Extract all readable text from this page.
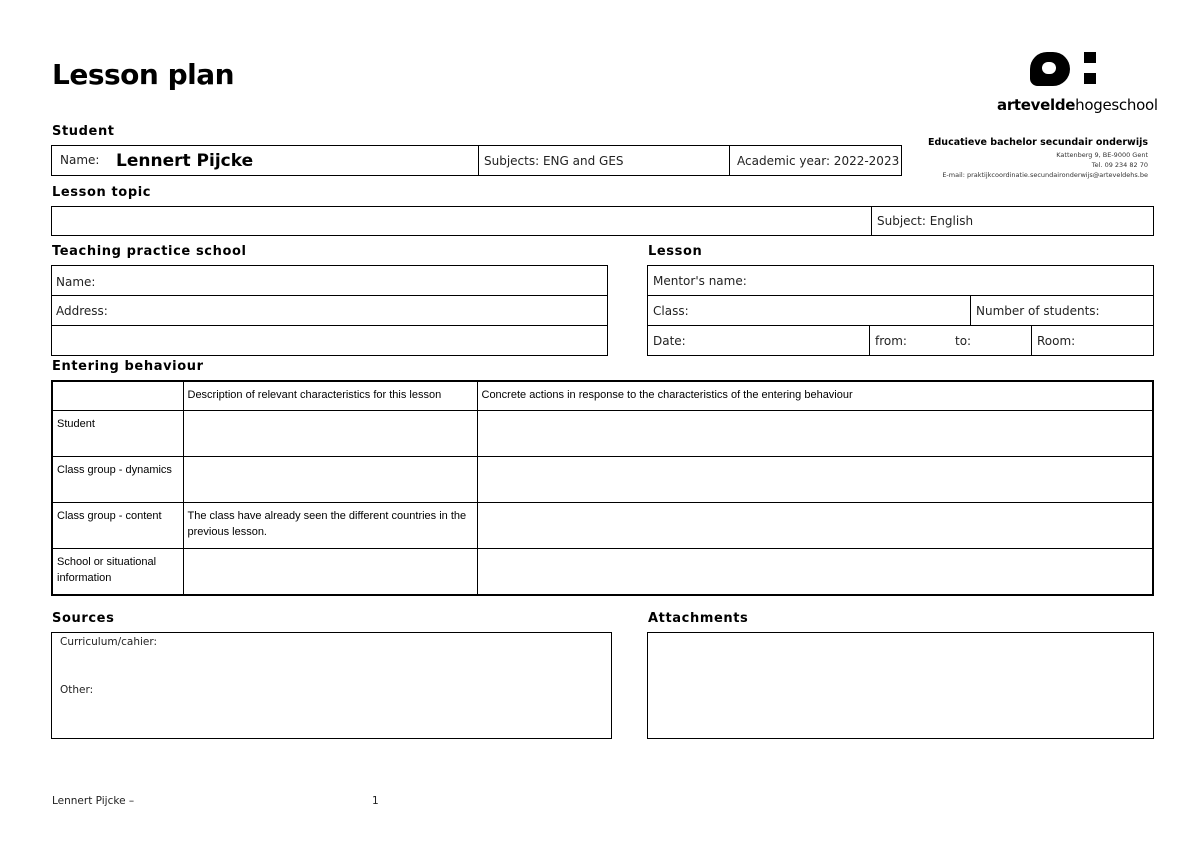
Lesson plan
arteveldehogeschool
Educatieve bachelor secundair onderwijs
Kattenberg 9, BE-9000 Gent
Tel. 09 234 82 70
E-mail: praktijkcoordinatie.secundaironderwijs@arteveldehs.be
Student
Name: Lennert Pijcke	Subjects: ENG and GES	Academic year: 2022-2023
Lesson topic
Subject: English
Teaching practice school
Name:
Address:
Lesson
Mentor's name:
Class:	Number of students:
Date:	from:	to:	Room:
Entering behaviour
	Description of relevant characteristics for this lesson	Concrete actions in response to the characteristics of the entering behaviour
Student		
Class group - dynamics		
Class group - content	The class have already seen the different countries in the previous lesson.	
School or situational information		
Sources
Curriculum/cahier:
Other:
Attachments
Lennert Pijcke –	1
